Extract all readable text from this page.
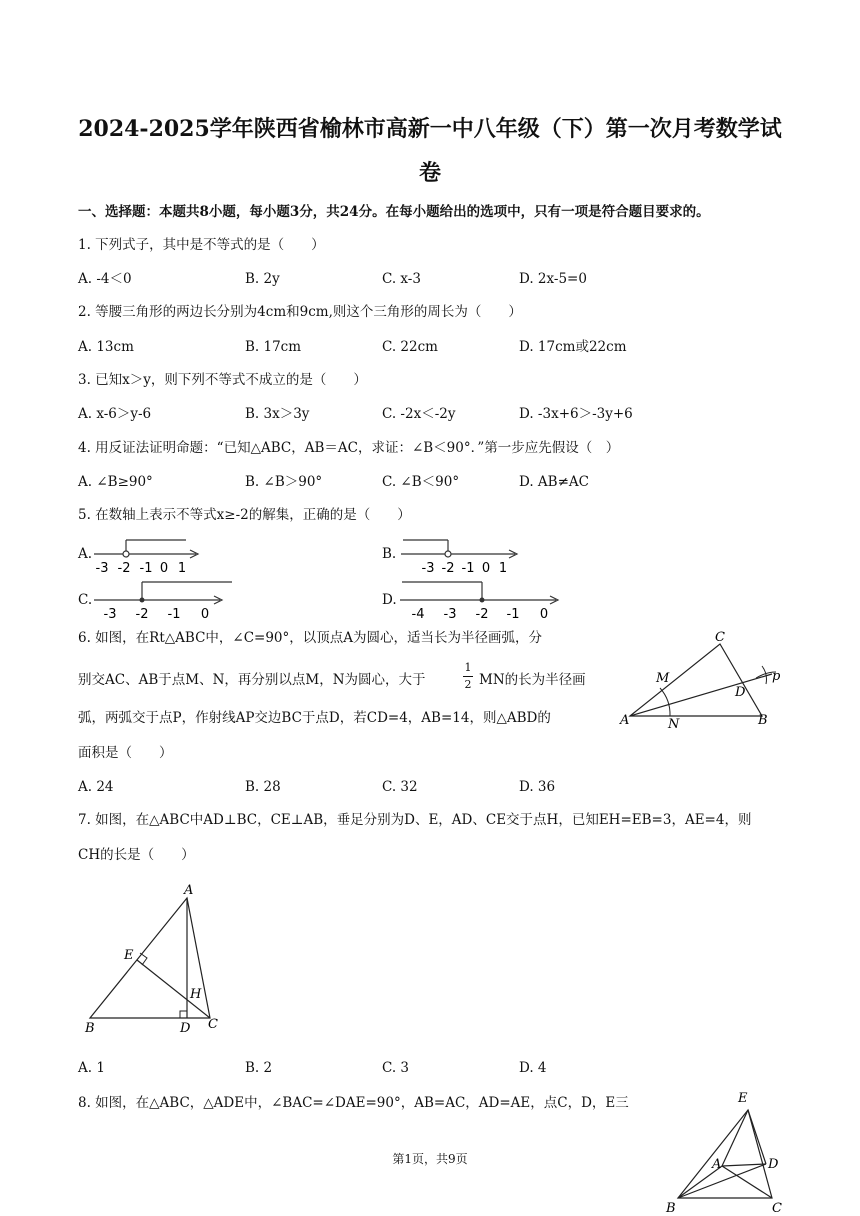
2024-2025学年陕西省榆林市高新一中八年级（下）第一次月考数学试
卷
一、选择题：本题共8小题，每小题3分，共24分。在每小题给出的选项中，只有一项是符合题目要求的。
1. 下列式子，其中是不等式的是（　　）
A. -4＜0	B. 2y	C. x-3	D. 2x-5=0
2. 等腰三角形的两边长分别为4cm和9cm,则这个三角形的周长为（　　）
A. 13cm	B. 17cm	C. 22cm	D. 17cm或22cm
3. 已知x＞y，则下列不等式不成立的是（　　）
A. x-6＞y-6	B. 3x＞3y	C. -2x＜-2y	D. -3x+6＞-3y+6
4. 用反证法证明命题：“已知△ABC，AB＝AC，求证：∠B＜90°．”第一步应先假设（　）
A. ∠B≥90°	B. ∠B＞90°	C. ∠B＜90°	D. AB≠AC
5. 在数轴上表示不等式x≥-2的解集，正确的是（　　）
A.
-3 -2 -1 0 1
B.
-3 -2 -1 0 1
C.
-3 -2 -1 0
D.
-4 -3 -2 -1 0
6. 如图，在Rt△ABC中，∠C=90°，以顶点A为圆心，适当长为半径画弧，分
别交AC、AB于点M、N，再分别以点M，N为圆心，大于
1
2 MN的长为半径画
弧，两弧交于点P，作射线AP交边BC于点D，若CD=4，AB=14，则△ABD的
面积是（　　）
C
M
D
p
A	N	B
A. 24	B. 28	C. 32	D. 36
7. 如图，在△ABC中AD⊥BC，CE⊥AB，垂足分别为D、E，AD、CE交于点H，已知EH=EB=3，AE=4，则
CH的长是（　　）
A
E
H
B	D C
A. 1	B. 2	C. 3	D. 4
8. 如图，在△ABC，△ADE中，∠BAC=∠DAE=90°，AB=AC，AD=AE，点C，D，E三	E
A	D
B	C
第1页，共9页
